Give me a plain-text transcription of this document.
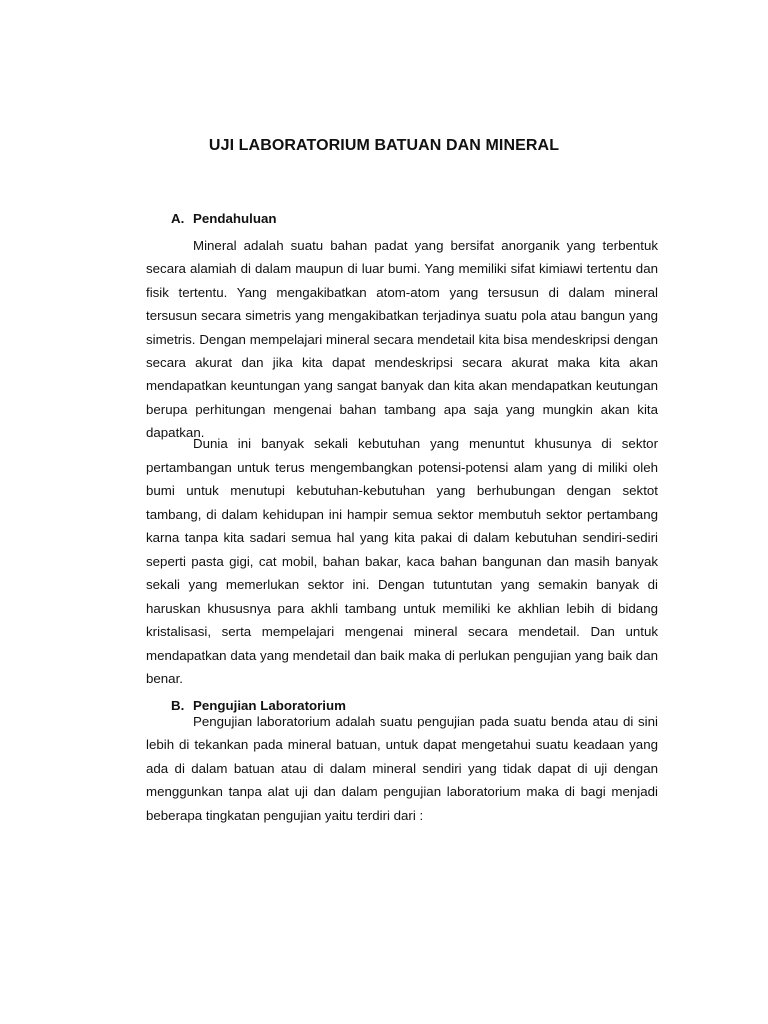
UJI LABORATORIUM BATUAN DAN MINERAL
A. Pendahuluan

Mineral adalah suatu bahan padat yang bersifat anorganik yang terbentuk secara alamiah di dalam maupun di luar bumi. Yang memiliki sifat kimiawi tertentu dan fisik tertentu. Yang mengakibatkan atom-atom yang tersusun di dalam mineral tersusun secara simetris yang mengakibatkan terjadinya suatu pola atau bangun yang simetris. Dengan mempelajari mineral secara mendetail kita bisa mendeskripsi dengan secara akurat dan jika kita dapat mendeskripsi secara akurat maka kita akan mendapatkan keuntungan yang sangat banyak dan kita akan mendapatkan keutungan berupa perhitungan mengenai bahan tambang apa saja yang mungkin akan kita dapatkan.

Dunia ini banyak sekali kebutuhan yang menuntut khusunya di sektor pertambangan untuk terus mengembangkan potensi-potensi alam yang di miliki oleh bumi untuk menutupi kebutuhan-kebutuhan yang berhubungan dengan sektot tambang, di dalam kehidupan ini hampir semua sektor membutuh sektor pertambang karna tanpa kita sadari semua hal yang kita pakai di dalam kebutuhan sendiri-sediri seperti pasta gigi, cat mobil, bahan bakar, kaca bahan bangunan dan masih banyak sekali yang memerlukan sektor ini. Dengan tutuntutan yang semakin banyak di haruskan khususnya para akhli tambang untuk memiliki ke akhlian lebih di bidang kristalisasi, serta mempelajari mengenai mineral secara mendetail. Dan untuk mendapatkan data yang mendetail dan baik maka di perlukan pengujian yang baik dan benar.

B. Pengujian Laboratorium

Pengujian laboratorium adalah suatu pengujian pada suatu benda atau di sini lebih di tekankan pada mineral batuan, untuk dapat mengetahui suatu keadaan yang ada di dalam batuan atau di dalam mineral sendiri yang tidak dapat di uji dengan menggunkan tanpa alat uji dan dalam pengujian laboratorium maka di bagi menjadi beberapa tingkatan pengujian yaitu terdiri dari :
